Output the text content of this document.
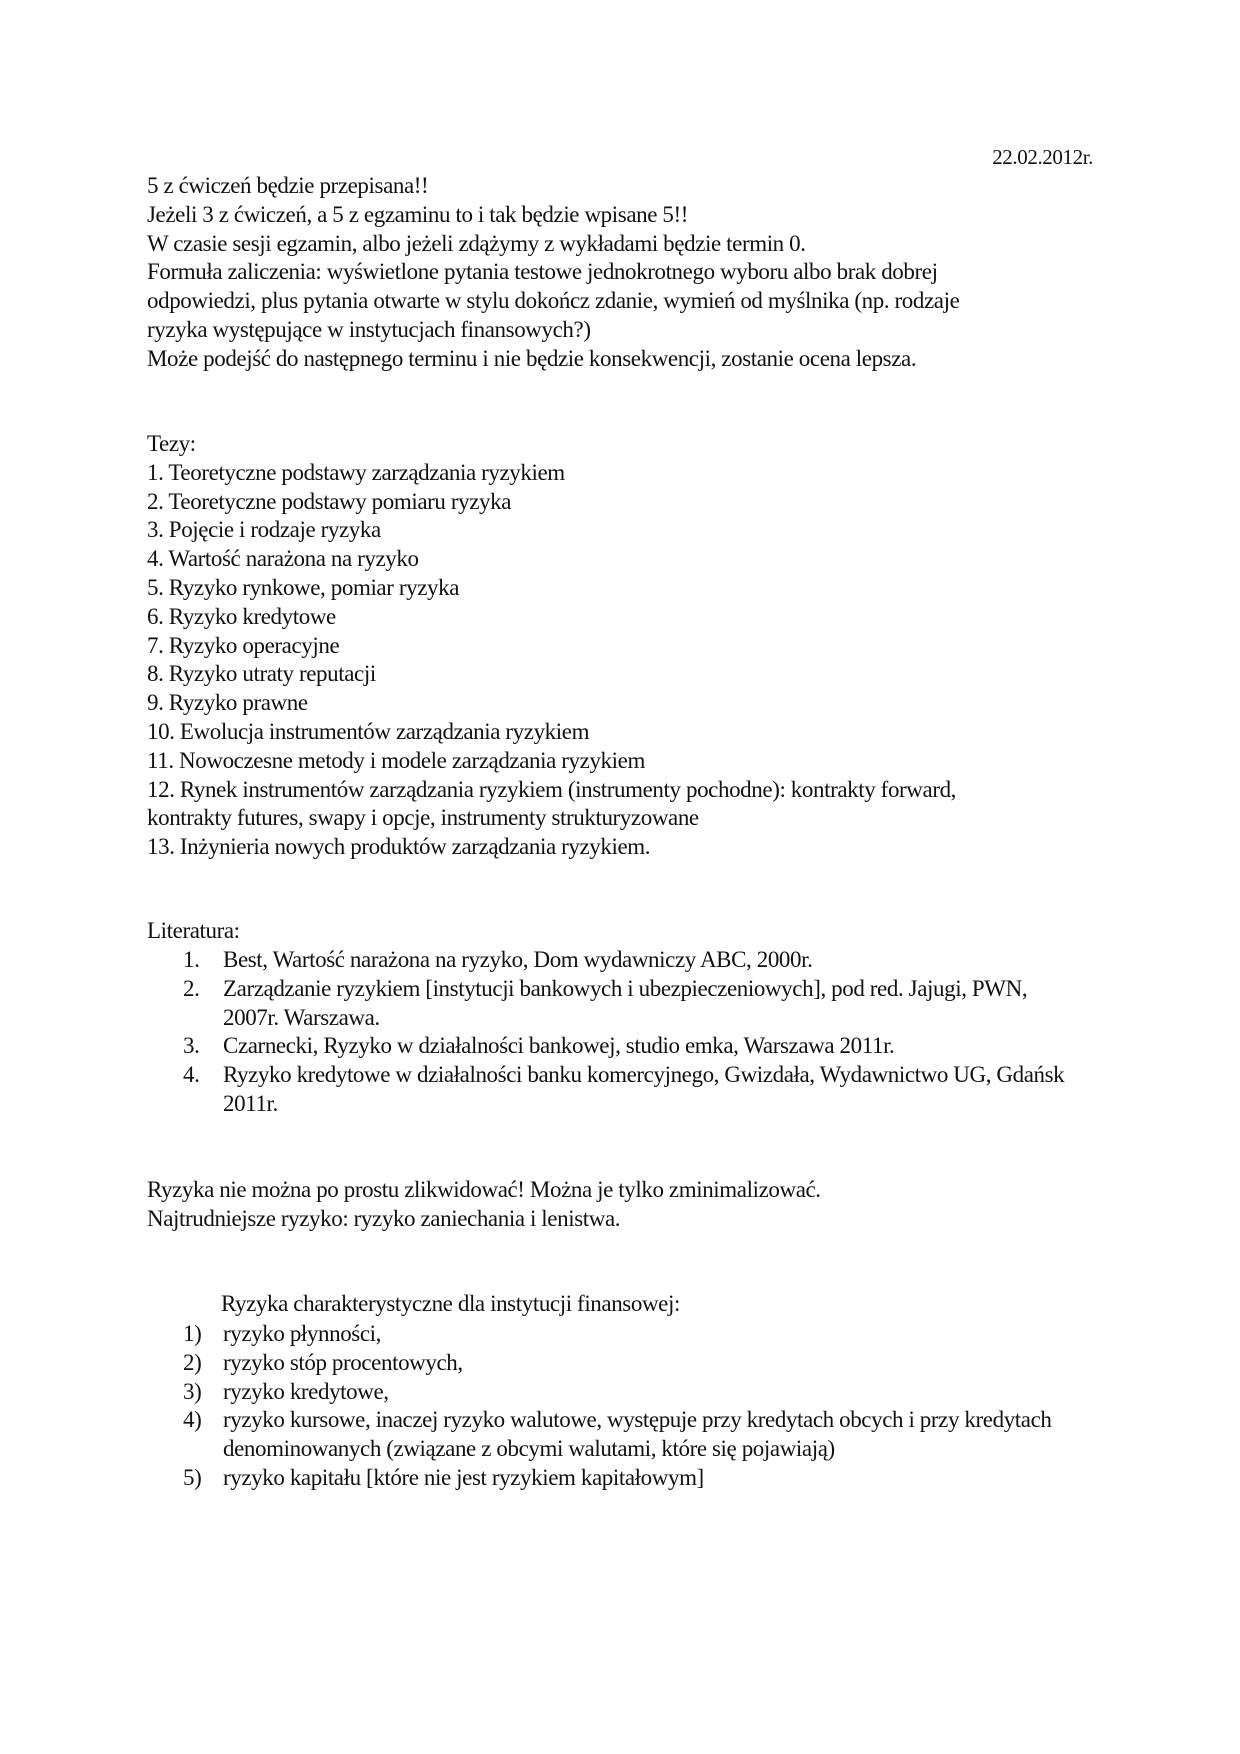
22.02.2012r.
5 z ćwiczeń będzie przepisana!!
Jeżeli 3 z ćwiczeń, a 5 z egzaminu to i tak będzie wpisane 5!!
W czasie sesji egzamin, albo jeżeli zdążymy z wykładami będzie termin 0.
Formuła zaliczenia: wyświetlone pytania testowe jednokrotnego wyboru albo brak dobrej
odpowiedzi, plus pytania otwarte w stylu dokończ zdanie, wymień od myślnika (np. rodzaje
ryzyka występujące w instytucjach finansowych?)
Może podejść do następnego terminu i nie będzie konsekwencji, zostanie ocena lepsza.
Tezy:
1. Teoretyczne podstawy zarządzania ryzykiem
2. Teoretyczne podstawy pomiaru ryzyka
3. Pojęcie i rodzaje ryzyka
4. Wartość narażona na ryzyko
5. Ryzyko rynkowe, pomiar ryzyka
6. Ryzyko kredytowe
7. Ryzyko operacyjne
8. Ryzyko utraty reputacji
9. Ryzyko prawne
10. Ewolucja instrumentów zarządzania ryzykiem
11. Nowoczesne metody i modele zarządzania ryzykiem
12. Rynek instrumentów zarządzania ryzykiem (instrumenty pochodne): kontrakty forward,
kontrakty futures, swapy i opcje, instrumenty strukturyzowane
13. Inżynieria nowych produktów zarządzania ryzykiem.
Literatura:
1.	Best, Wartość narażona na ryzyko, Dom wydawniczy ABC, 2000r.
2.	Zarządzanie ryzykiem [instytucji bankowych i ubezpieczeniowych], pod red. Jajugi, PWN, 2007r. Warszawa.
3.	Czarnecki, Ryzyko w działalności bankowej, studio emka, Warszawa 2011r.
4.	Ryzyko kredytowe w działalności banku komercyjnego, Gwizdała, Wydawnictwo UG, Gdańsk 2011r.
Ryzyka nie można po prostu zlikwidować! Można je tylko zminimalizować.
Najtrudniejsze ryzyko: ryzyko zaniechania i lenistwa.
Ryzyka charakterystyczne dla instytucji finansowej:
1) ryzyko płynności,
2) ryzyko stóp procentowych,
3) ryzyko kredytowe,
4) ryzyko kursowe, inaczej ryzyko walutowe, występuje przy kredytach obcych i przy kredytach denominowanych (związane z obcymi walutami, które się pojawiają)
5) ryzyko kapitału [które nie jest ryzykiem kapitałowym]
